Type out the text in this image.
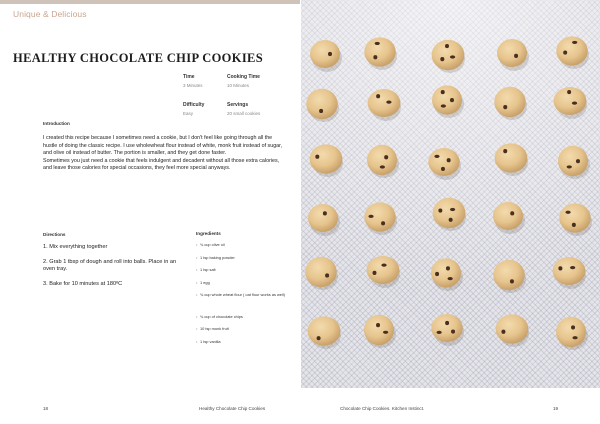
Unique & Delicious
HEALTHY CHOCOLATE CHIP COOKIES
Time
3 Minutes
Cooking Time
10 Minutes
Difficulty
Easy
Servings
20 small cookies
Introduction

I created this recipe because I sometimes need a cookie, but I don't feel like going through all the hustle of doing the classic recipe. I use wholewheat flour instead of white, monk fruit instead of sugar, and olive oil instead of butter. The portion is smaller, and they get done faster.

Sometimes you just need a cookie that feels indulgent and decadent without all those extra calories, and leave those calories for special occasions, they feel more special anyways.

Directions

1. Mix everything together

2. Grab 1 tbsp of dough and roll into balls. Place in an oven tray.

3. Bake for 10 minutes at 180ºC

Ingredients
• ¾ cup olive oil
• 1 tsp baking powder
• 1 tsp salt
• 1 egg
• ¾ cup whole wheat flour ( oat flour works as well)
• ¾ cup of chocolate chips
• 10 tsp monk fruit
• 1 tsp vanilla
18	Healthy Chocolate Chip Cookies	Chocolate Chip Cookies. Kitchen Instinct.	19
